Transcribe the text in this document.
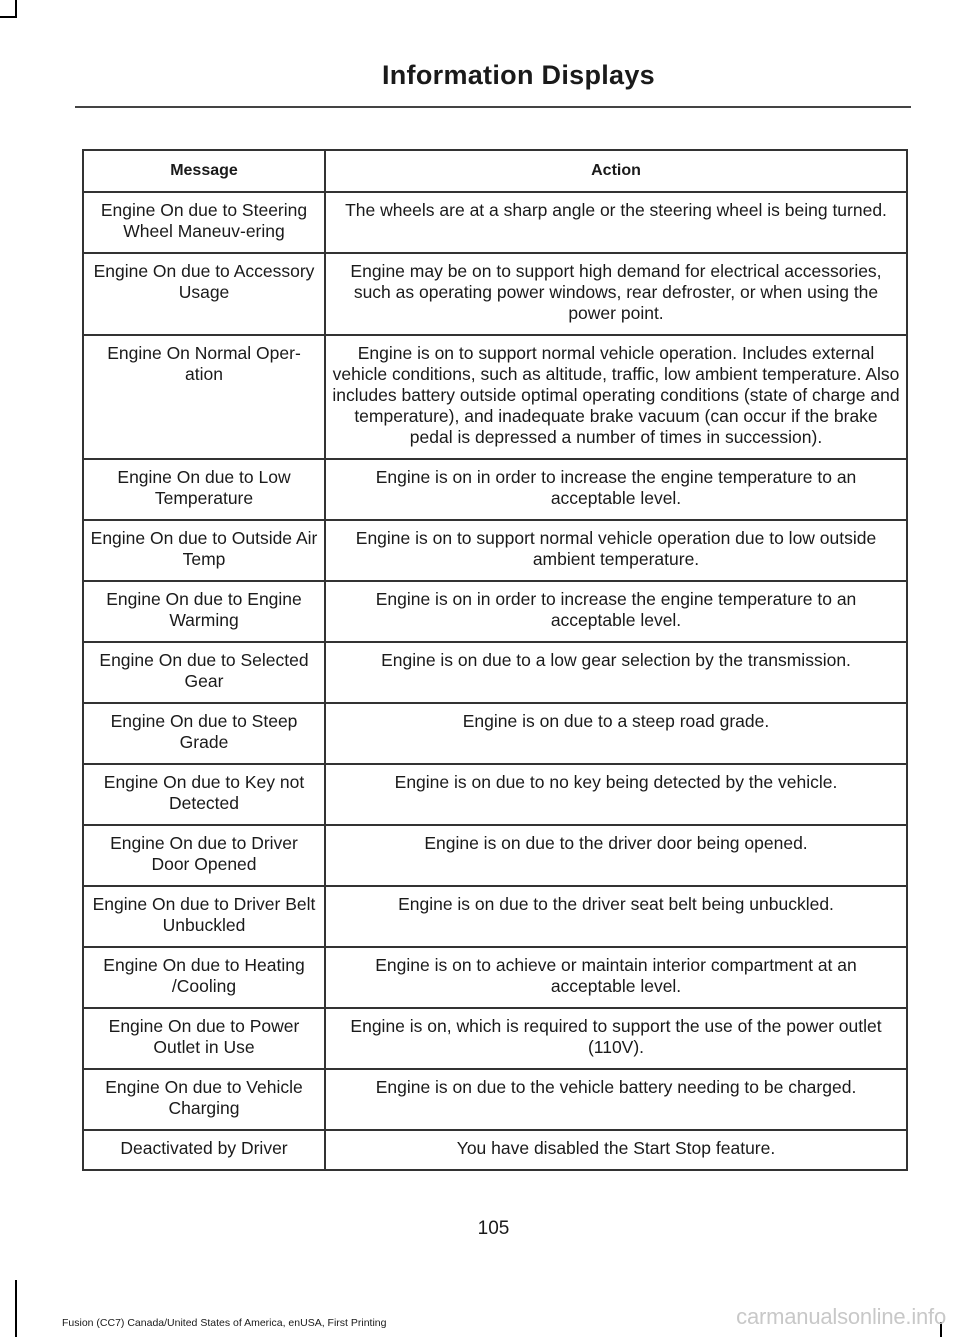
Information Displays
Message	Action
Engine On due to Steering Wheel Maneuv-ering	The wheels are at a sharp angle or the steering wheel is being turned.
Engine On due to Accessory Usage	Engine may be on to support high demand for electrical accessories, such as operating power windows, rear defroster, or when using the power point.
Engine On Normal Oper-ation	Engine is on to support normal vehicle operation. Includes external vehicle conditions, such as altitude, traffic, low ambient temperature. Also includes battery outside optimal operating conditions (state of charge and temperature), and inadequate brake vacuum (can occur if the brake pedal is depressed a number of times in succession).
Engine On due to Low Temperature	Engine is on in order to increase the engine temperature to an acceptable level.
Engine On due to Outside Air Temp	Engine is on to support normal vehicle operation due to low outside ambient temperature.
Engine On due to Engine Warming	Engine is on in order to increase the engine temperature to an acceptable level.
Engine On due to Selected Gear	Engine is on due to a low gear selection by the transmission.
Engine On due to Steep Grade	Engine is on due to a steep road grade.
Engine On due to Key not Detected	Engine is on due to no key being detected by the vehicle.
Engine On due to Driver Door Opened	Engine is on due to the driver door being opened.
Engine On due to Driver Belt Unbuckled	Engine is on due to the driver seat belt being unbuckled.
Engine On due to Heating /Cooling	Engine is on to achieve or maintain interior compartment at an acceptable level.
Engine On due to Power Outlet in Use	Engine is on, which is required to support the use of the power outlet (110V).
Engine On due to Vehicle Charging	Engine is on due to the vehicle battery needing to be charged.
Deactivated by Driver	You have disabled the Start Stop feature.
105
Fusion (CC7) Canada/United States of America, enUSA, First Printing	carmanualsonline.info
